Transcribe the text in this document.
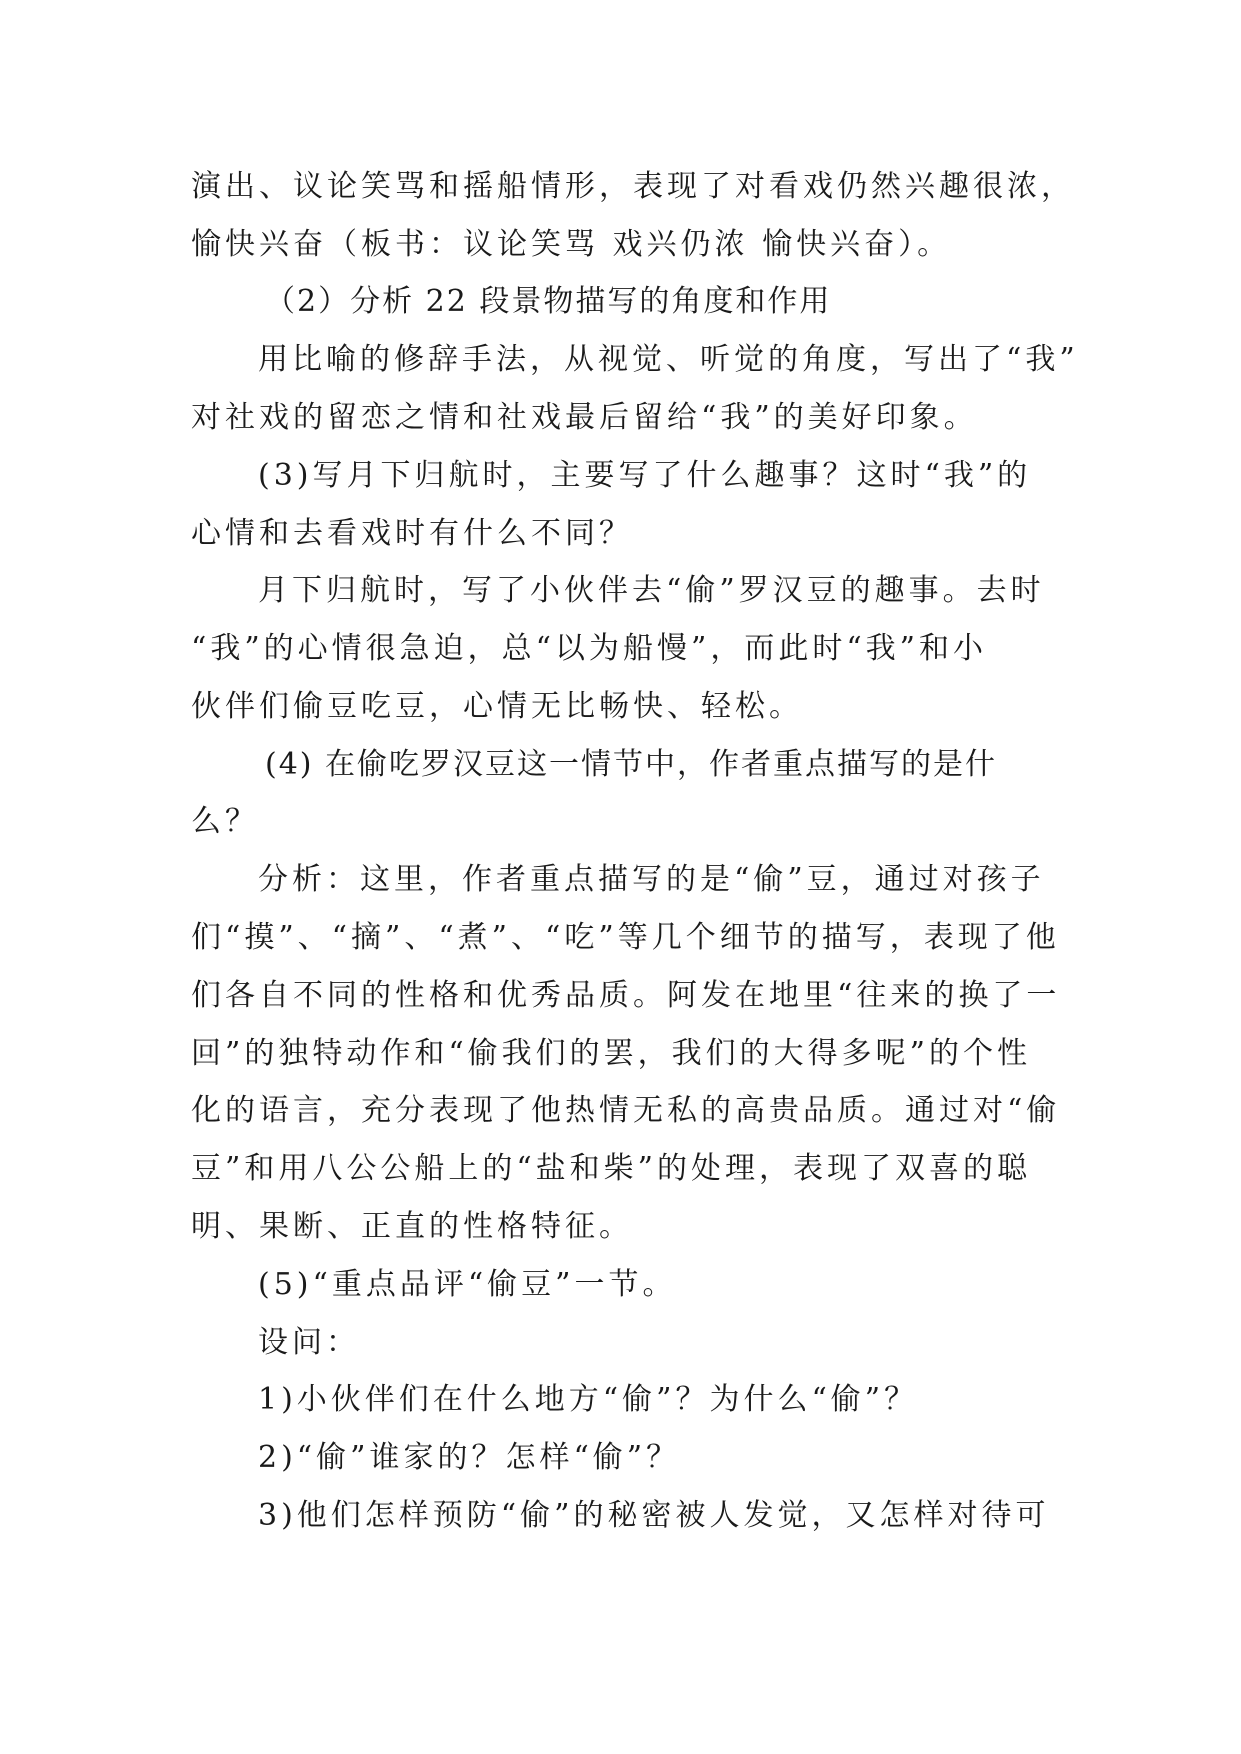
演出、议论笑骂和摇船情形，表现了对看戏仍然兴趣很浓，
愉快兴奋（板书：议论笑骂 戏兴仍浓 愉快兴奋）。
（2）分析 22 段景物描写的角度和作用
用比喻的修辞手法，从视觉、听觉的角度，写出了“我”
对社戏的留恋之情和社戏最后留给“我”的美好印象。
(3)写月下归航时，主要写了什么趣事？这时“我”的
心情和去看戏时有什么不同？
月下归航时，写了小伙伴去“偷”罗汉豆的趣事。去时
“我”的心情很急迫，总“以为船慢”，而此时“我”和小
伙伴们偷豆吃豆，心情无比畅快、轻松。
(4) 在偷吃罗汉豆这一情节中，作者重点描写的是什
么？
分析：这里，作者重点描写的是“偷”豆，通过对孩子
们“摸”、“摘”、“煮”、“吃”等几个细节的描写，表现了他
们各自不同的性格和优秀品质。阿发在地里“往来的换了一
回”的独特动作和“偷我们的罢，我们的大得多呢”的个性
化的语言，充分表现了他热情无私的高贵品质。通过对“偷
豆”和用八公公船上的“盐和柴”的处理，表现了双喜的聪
明、果断、正直的性格特征。
(5)“重点品评“偷豆”一节。
设问：
1)小伙伴们在什么地方“偷”？为什么“偷”？
2)“偷”谁家的？怎样“偷”？
3)他们怎样预防“偷”的秘密被人发觉，又怎样对待可
